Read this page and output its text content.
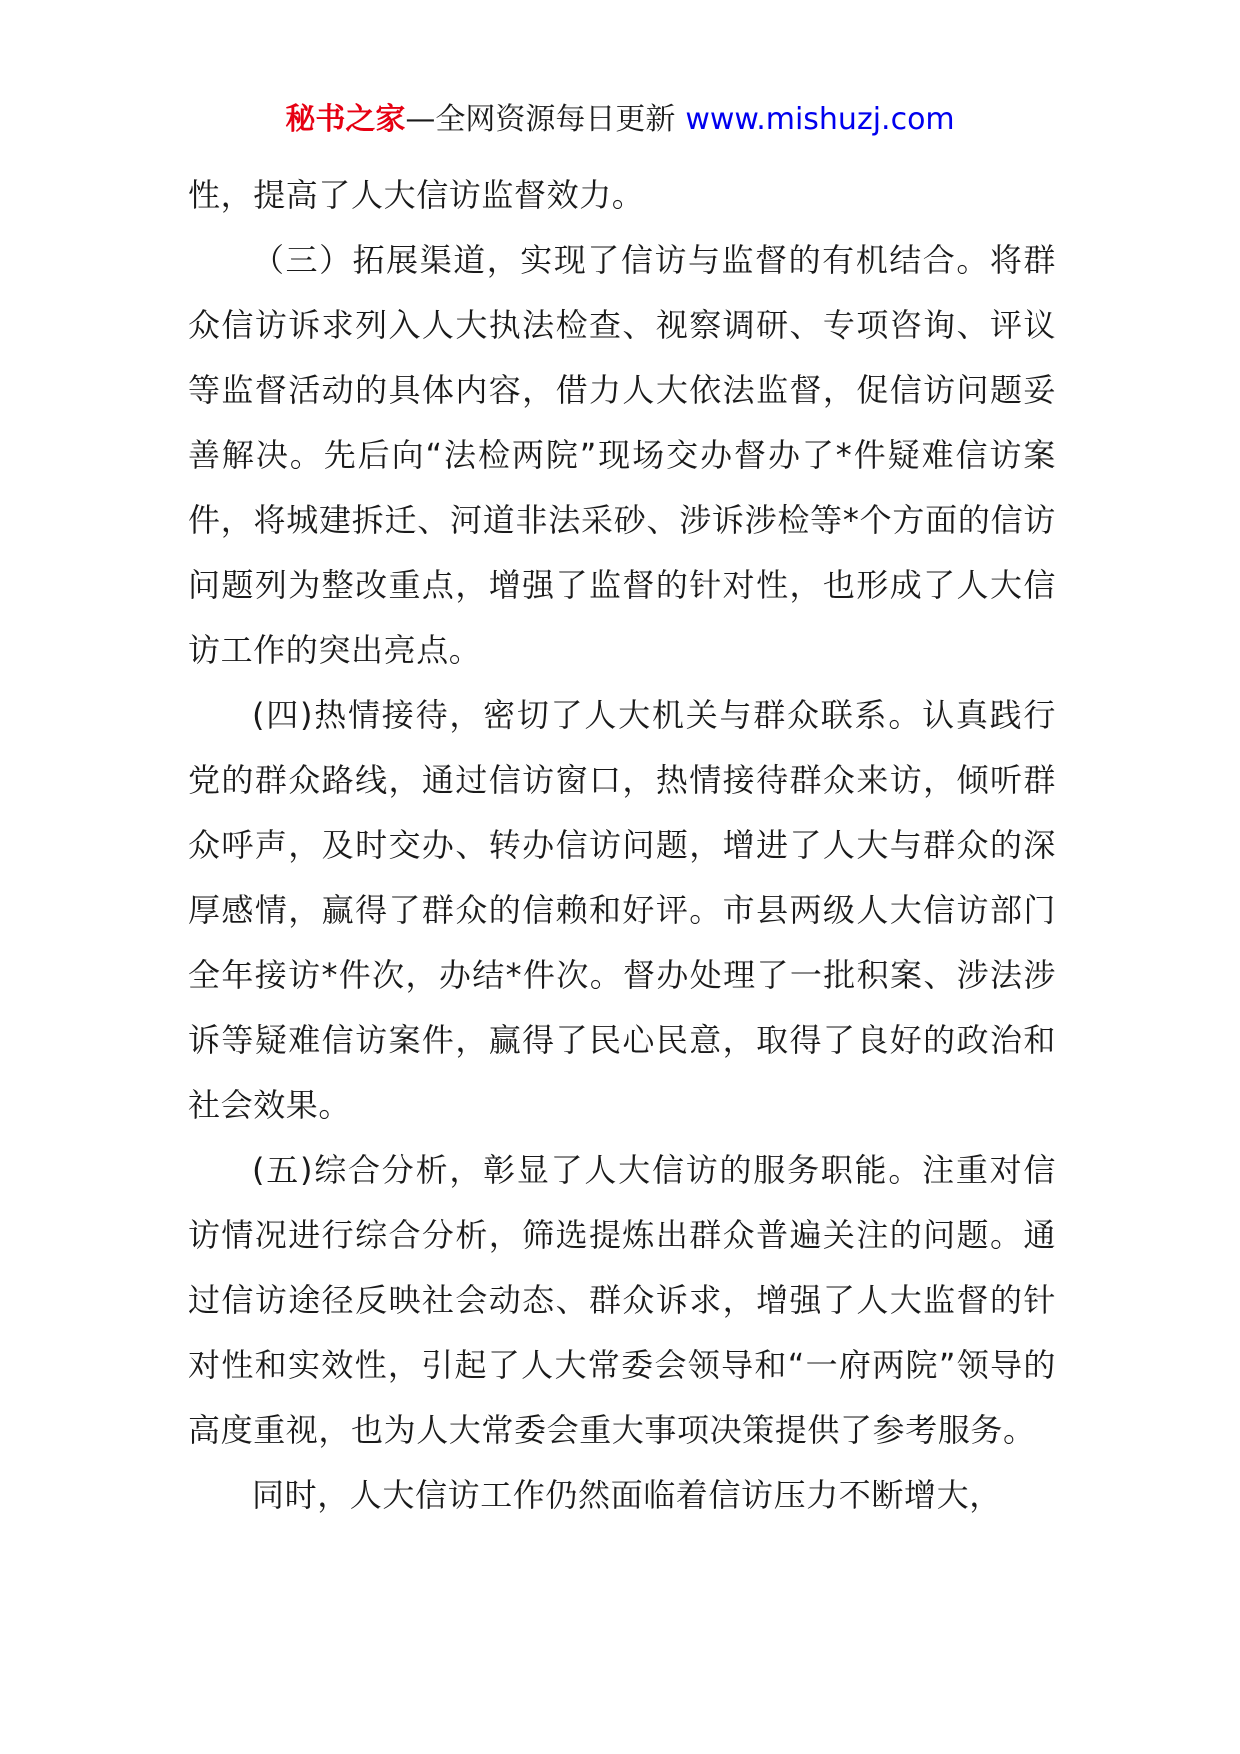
秘书之家—全网资源每日更新 www.mishuzj.com

性，提高了人大信访监督效力。

（三）拓展渠道，实现了信访与监督的有机结合。将群众信访诉求列入人大执法检查、视察调研、专项咨询、评议等监督活动的具体内容，借力人大依法监督，促信访问题妥善解决。先后向“法检两院”现场交办督办了*件疑难信访案件，将城建拆迁、河道非法采砂、涉诉涉检等*个方面的信访问题列为整改重点，增强了监督的针对性，也形成了人大信访工作的突出亮点。

(四)热情接待，密切了人大机关与群众联系。认真践行党的群众路线，通过信访窗口，热情接待群众来访，倾听群众呼声，及时交办、转办信访问题，增进了人大与群众的深厚感情，赢得了群众的信赖和好评。市县两级人大信访部门全年接访*件次，办结*件次。督办处理了一批积案、涉法涉诉等疑难信访案件，赢得了民心民意，取得了良好的政治和社会效果。

(五)综合分析，彰显了人大信访的服务职能。注重对信访情况进行综合分析，筛选提炼出群众普遍关注的问题。通过信访途径反映社会动态、群众诉求，增强了人大监督的针对性和实效性，引起了人大常委会领导和“一府两院”领导的高度重视，也为人大常委会重大事项决策提供了参考服务。

同时，人大信访工作仍然面临着信访压力不断增大，
